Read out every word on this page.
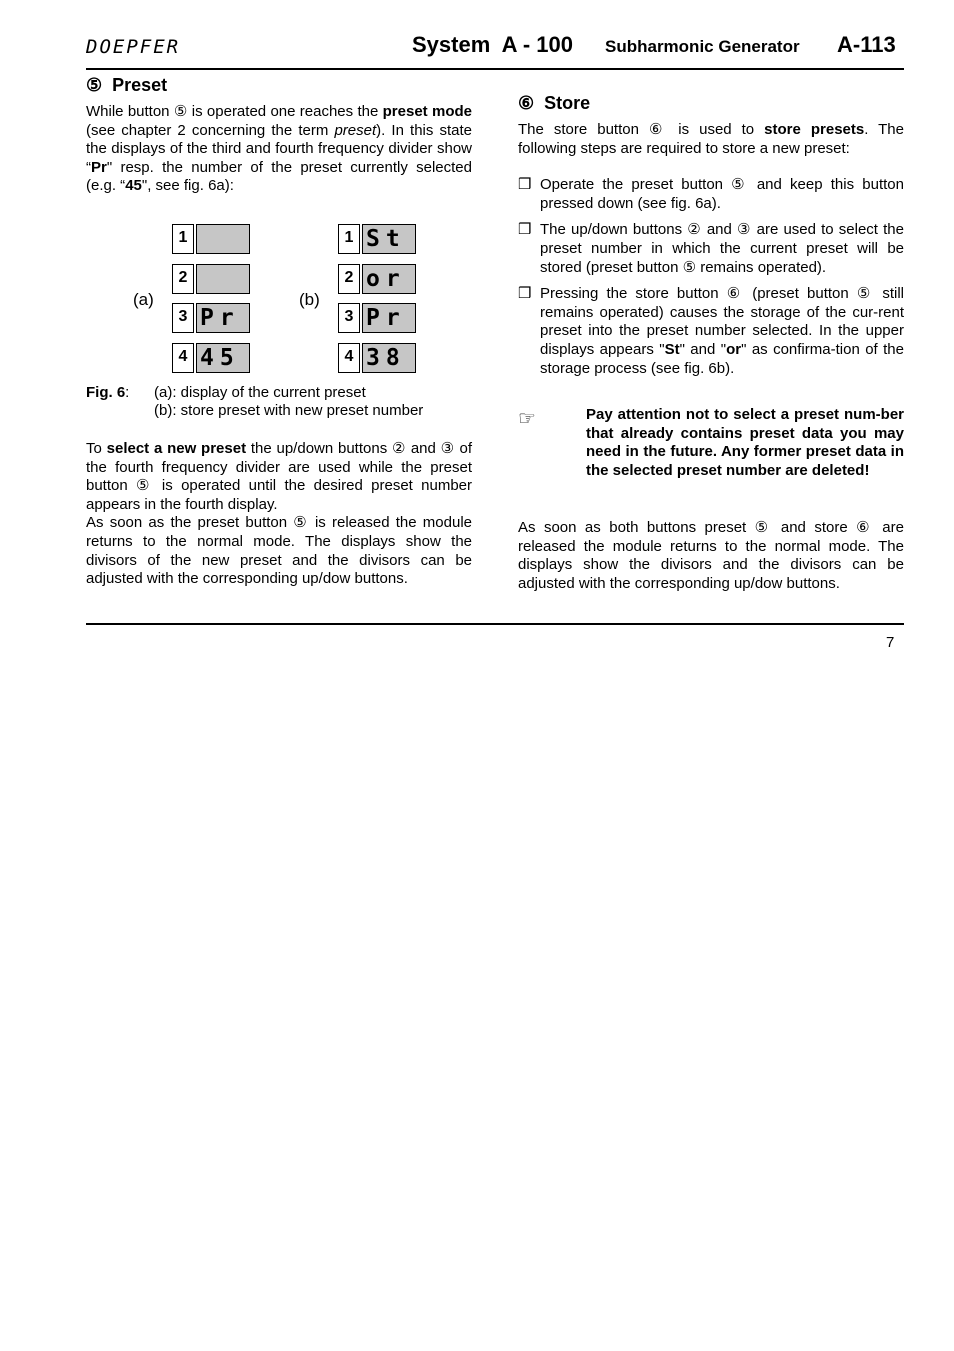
DOEPFER	System  A - 100 Subharmonic Generator A-113
⑤  Preset

While button ⑤ is operated one reaches the preset mode (see chapter 2 concerning the term preset). In this state the displays of the third and fourth frequency divider show “Pr" resp. the number of the preset currently selected (e.g. “45", see fig. 6a):

(a)	(b)
1
2
3 Pr
4 45
1 St
2 or
3 Pr
4 38
Fig. 6: (a): display of the current preset
(b): store preset with new preset number

To select a new preset the up/down buttons ② and ③ of the fourth frequency divider are used while the preset button ⑤ is operated until the desired preset number appears in the fourth display.

As soon as the preset button ⑤ is released the module returns to the normal mode. The displays show the divisors of the new preset and the divisors can be adjusted with the corresponding up/dow buttons.

⑥  Store

The store button ⑥ is used to store presets. The following steps are required to store a new preset:

❒ Operate the preset button ⑤ and keep this button pressed down (see fig. 6a).
❒ The up/down buttons ② and ③ are used to select the preset number in which the current preset will be stored (preset button ⑤ remains operated).
❒ Pressing the store button ⑥ (preset button ⑤ still remains operated) causes the storage of the cur-rent preset into the preset number selected. In the upper displays appears "St" and "or" as confirma-tion of the storage process (see fig. 6b).
☞	Pay attention not to select a preset num-ber that already contains preset data you may need in the future. Any former preset data in the selected preset number are deleted!

As soon as both buttons preset ⑤ and store ⑥ are released the module returns to the normal mode. The displays show the divisors and the divisors can be adjusted with the corresponding up/dow buttons.

7
